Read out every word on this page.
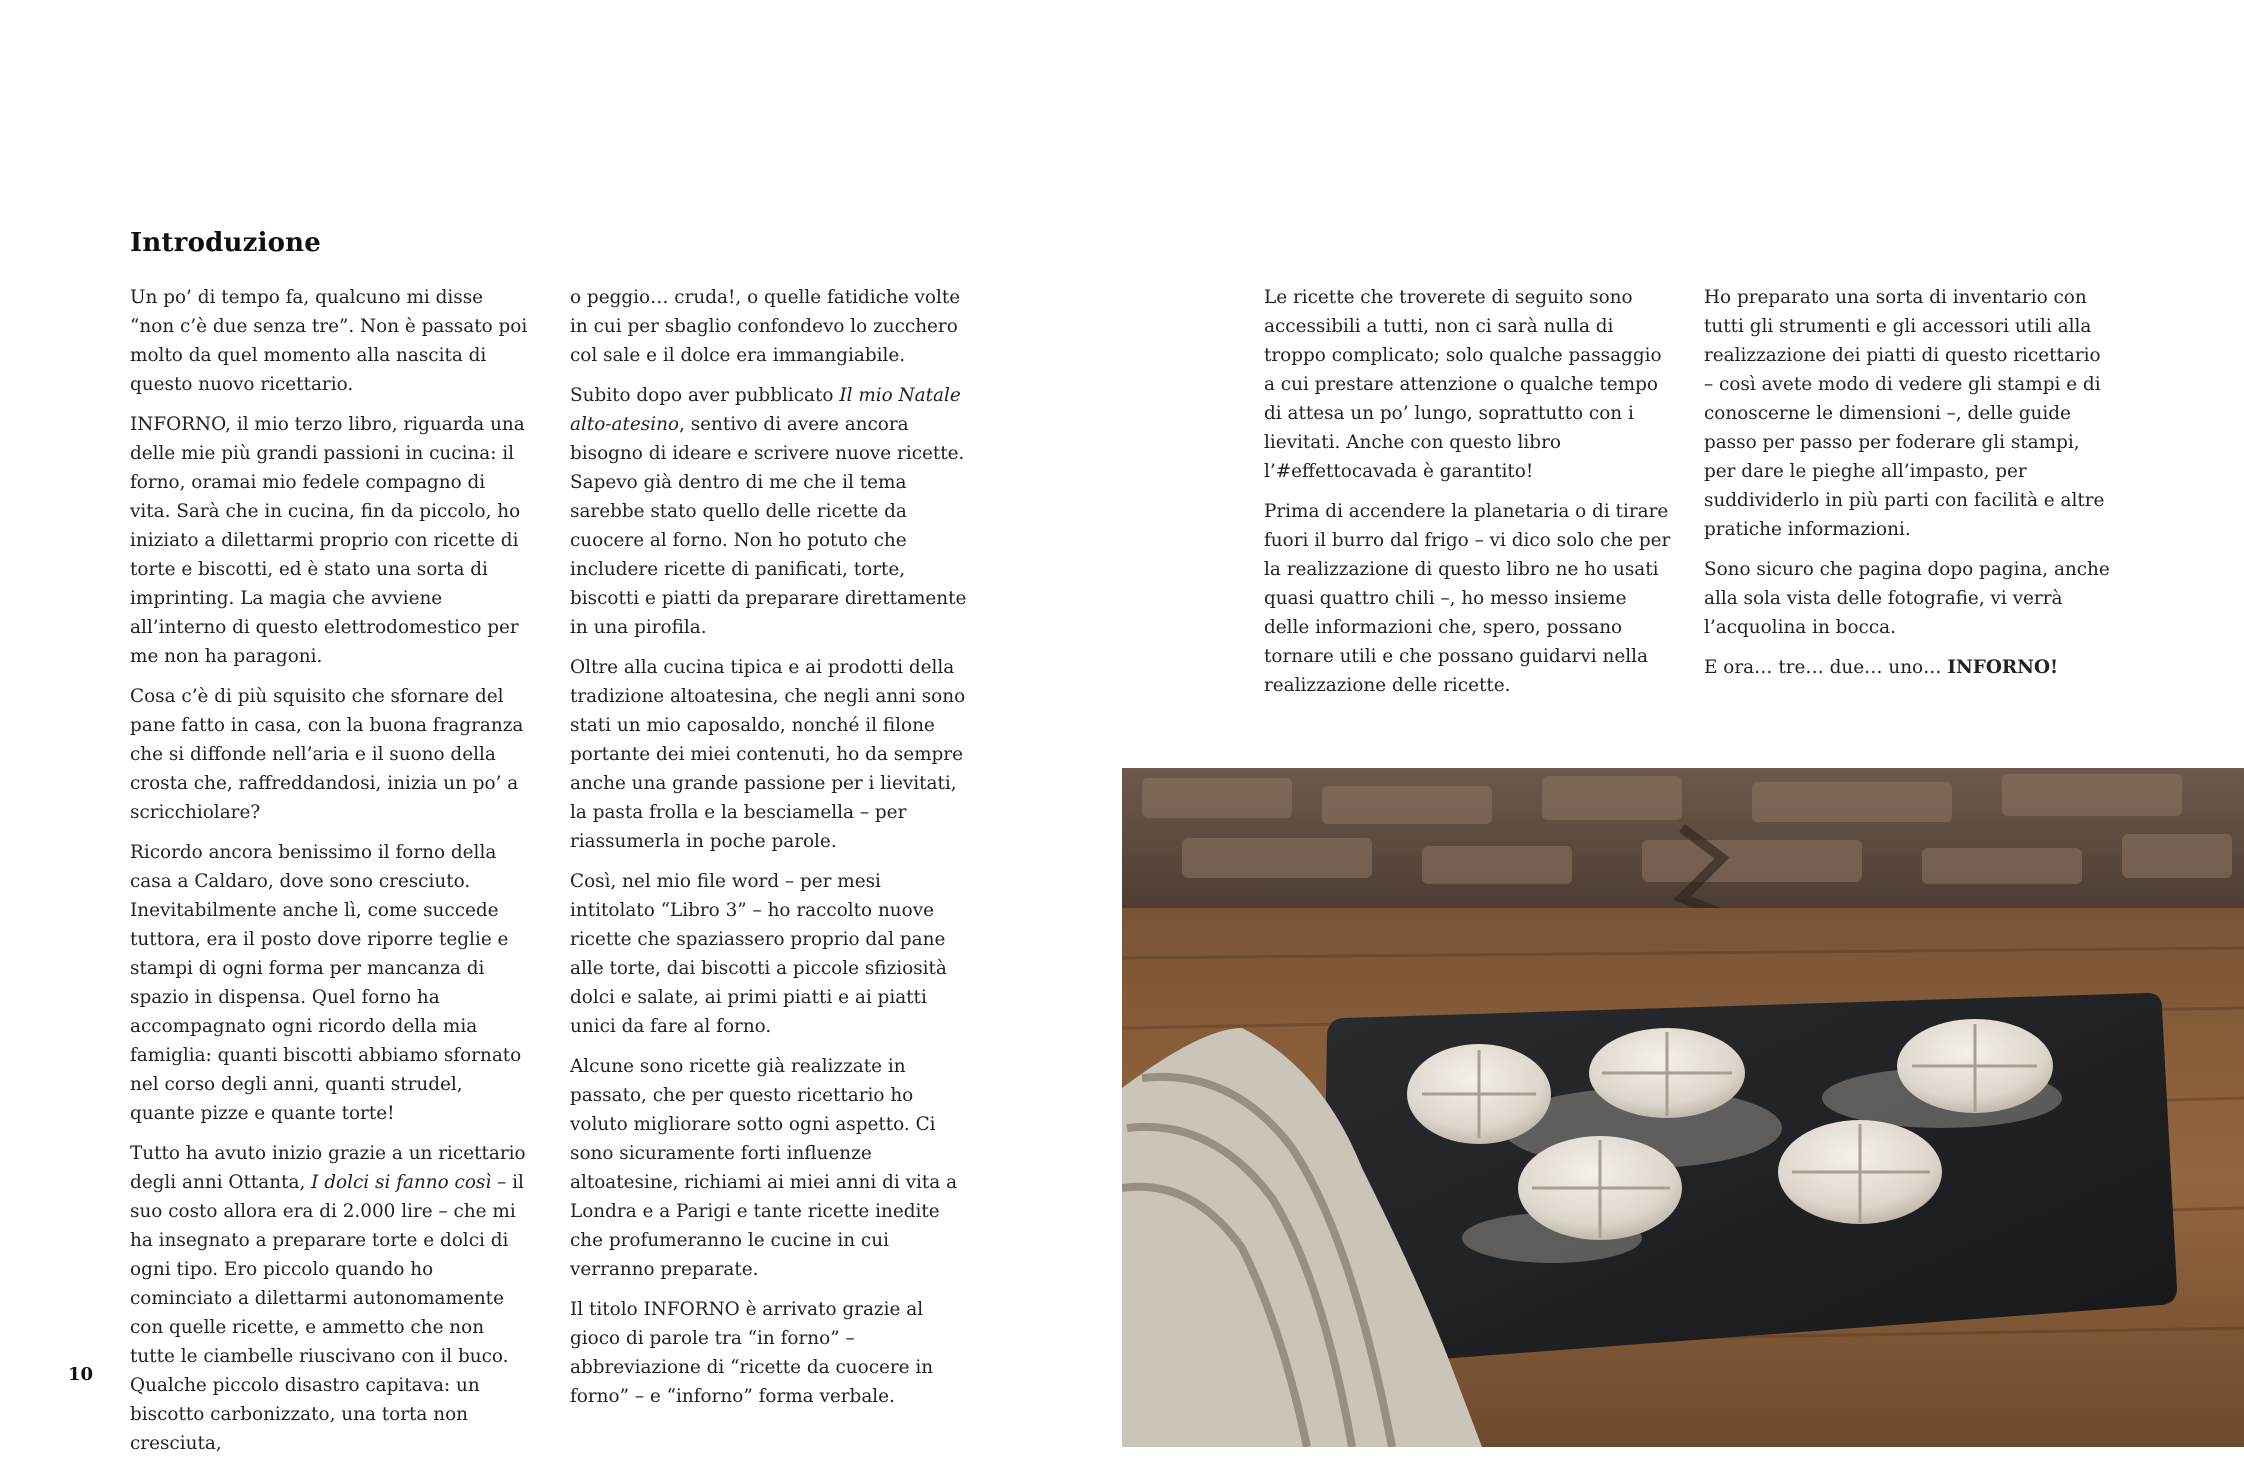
Introduzione

Un po’ di tempo fa, qualcuno mi disse “non c’è due senza tre”. Non è passato poi molto da quel momento alla nascita di questo nuovo ricettario.

INFORNO, il mio terzo libro, riguarda una delle mie più grandi passioni in cucina: il forno, oramai mio fedele compagno di vita. Sarà che in cucina, fin da piccolo, ho iniziato a dilettarmi proprio con ricette di torte e biscotti, ed è stato una sorta di imprinting. La magia che avviene all’interno di questo elettrodomestico per me non ha paragoni.

Cosa c’è di più squisito che sfornare del pane fatto in casa, con la buona fragranza che si diffonde nell’aria e il suono della crosta che, raffreddandosi, inizia un po’ a scricchiolare?

Ricordo ancora benissimo il forno della casa a Caldaro, dove sono cresciuto. Inevitabilmente anche lì, come succede tuttora, era il posto dove riporre teglie e stampi di ogni forma per mancanza di spazio in dispensa. Quel forno ha accompagnato ogni ricordo della mia famiglia: quanti biscotti abbiamo sfornato nel corso degli anni, quanti strudel, quante pizze e quante torte!

Tutto ha avuto inizio grazie a un ricettario degli anni Ottanta, I dolci si fanno così – il suo costo allora era di 2.000 lire – che mi ha insegnato a preparare torte e dolci di ogni tipo. Ero piccolo quando ho cominciato a dilettarmi autonomamente con quelle ricette, e ammetto che non tutte le ciambelle riuscivano con il buco. Qualche piccolo disastro capitava: un biscotto carbonizzato, una torta non cresciuta,

o peggio… cruda!, o quelle fatidiche volte in cui per sbaglio confondevo lo zucchero col sale e il dolce era immangiabile.

Subito dopo aver pubblicato Il mio Natale alto-atesino, sentivo di avere ancora bisogno di ideare e scrivere nuove ricette. Sapevo già dentro di me che il tema sarebbe stato quello delle ricette da cuocere al forno. Non ho potuto che includere ricette di panificati, torte, biscotti e piatti da preparare direttamente in una pirofila.

Oltre alla cucina tipica e ai prodotti della tradizione altoatesina, che negli anni sono stati un mio caposaldo, nonché il filone portante dei miei contenuti, ho da sempre anche una grande passione per i lievitati, la pasta frolla e la besciamella – per riassumerla in poche parole.

Così, nel mio file word – per mesi intitolato “Libro 3” – ho raccolto nuove ricette che spaziassero proprio dal pane alle torte, dai biscotti a piccole sfiziosità dolci e salate, ai primi piatti e ai piatti unici da fare al forno.

Alcune sono ricette già realizzate in passato, che per questo ricettario ho voluto migliorare sotto ogni aspetto. Ci sono sicuramente forti influenze altoatesine, richiami ai miei anni di vita a Londra e a Parigi e tante ricette inedite che profumeranno le cucine in cui verranno preparate.

Il titolo INFORNO è arrivato grazie al gioco di parole tra “in forno” – abbreviazione di “ricette da cuocere in forno” – e “inforno” forma verbale.

Le ricette che troverete di seguito sono accessibili a tutti, non ci sarà nulla di troppo complicato; solo qualche passaggio a cui prestare attenzione o qualche tempo di attesa un po’ lungo, soprattutto con i lievitati. Anche con questo libro l’#effettocavada è garantito!

Prima di accendere la planetaria o di tirare fuori il burro dal frigo – vi dico solo che per la realizzazione di questo libro ne ho usati quasi quattro chili –, ho messo insieme delle informazioni che, spero, possano tornare utili e che possano guidarvi nella realizzazione delle ricette.

Ho preparato una sorta di inventario con tutti gli strumenti e gli accessori utili alla realizzazione dei piatti di questo ricettario – così avete modo di vedere gli stampi e di conoscerne le dimensioni –, delle guide passo per passo per foderare gli stampi, per dare le pieghe all’impasto, per suddividerlo in più parti con facilità e altre pratiche informazioni.

Sono sicuro che pagina dopo pagina, anche alla sola vista delle fotografie, vi verrà l’acquolina in bocca.

E ora… tre… due… uno… INFORNO!

10
